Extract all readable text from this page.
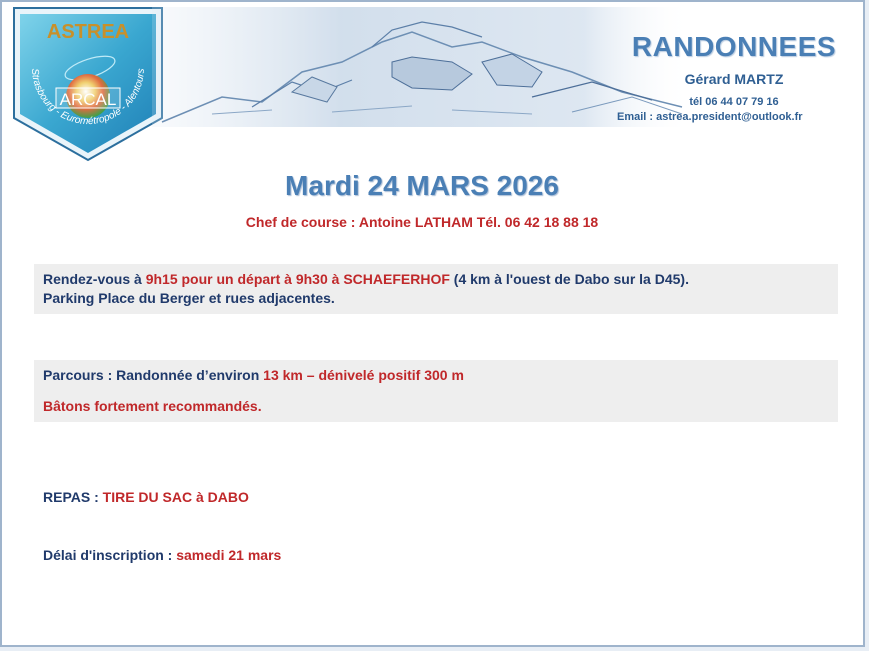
ASTREA
ARCAL
Strasbourg - Eurométropole - Alentours
RANDONNEES
Gérard MARTZ
tél 06 44 07 79 16
Email : astrea.president@outlook.fr
Mardi 24 MARS 2026
Chef de course : Antoine LATHAM Tél. 06 42 18 88 18
Rendez-vous à 9h15 pour un départ à 9h30 à SCHAEFERHOF (4 km à l'ouest de Dabo sur la D45).
Parking Place du Berger et rues adjacentes.
Parcours : Randonnée d’environ 13 km – dénivelé positif 300 m
Bâtons fortement recommandés.
REPAS : TIRE DU SAC à DABO
Délai d'inscription : samedi 21 mars
